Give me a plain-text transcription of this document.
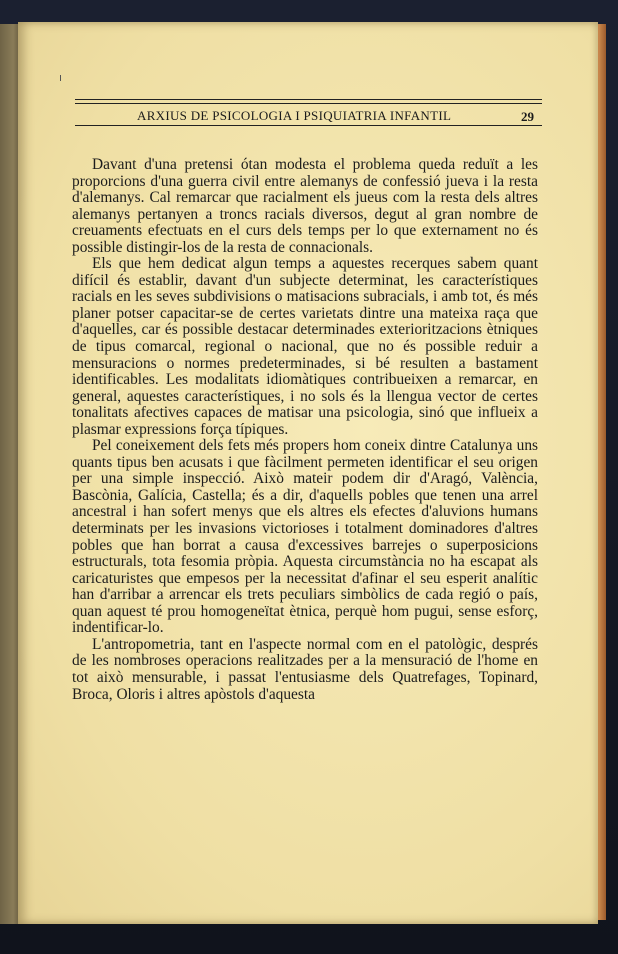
ARXIUS DE PSICOLOGIA I PSIQUIATRIA INFANTIL	29

Davant d'una pretensi ótan modesta el problema queda reduït a les proporcions d'una guerra civil entre alemanys de confessió jueva i la resta d'alemanys. Cal remarcar que racialment els jueus com la resta dels altres alemanys pertanyen a troncs racials diversos, degut al gran nombre de creuaments efectuats en el curs dels temps per lo que externament no és possible distingir-los de la resta de connacionals.

Els que hem dedicat algun temps a aquestes recerques sabem quant difícil és establir, davant d'un subjecte determinat, les característiques racials en les seves subdivisions o matisacions subracials, i amb tot, és més planer potser capacitar-se de certes varietats dintre una mateixa raça que d'aquelles, car és possible destacar determinades exterioritzacions ètniques de tipus comarcal, regional o nacional, que no és possible reduir a mensuracions o normes predeterminades, si bé resulten a bastament identificables. Les modalitats idiomàtiques contribueixen a remarcar, en general, aquestes característiques, i no sols és la llengua vector de certes tonalitats afectives capaces de matisar una psicologia, sinó que influeix a plasmar expressions força típiques.

Pel coneixement dels fets més propers hom coneix dintre Catalunya uns quants tipus ben acusats i que fàcilment permeten identificar el seu origen per una simple inspecció. Això mateir podem dir d'Aragó, València, Bascònia, Galícia, Castella; és a dir, d'aquells pobles que tenen una arrel ancestral i han sofert menys que els altres els efectes d'aluvions humans determinats per les invasions victorioses i totalment dominadores d'altres pobles que han borrat a causa d'excessives barrejes o superposicions estructurals, tota fesomia pròpia. Aquesta circumstància no ha escapat als caricaturistes que empesos per la necessitat d'afinar el seu esperit analític han d'arribar a arrencar els trets peculiars simbòlics de cada regió o país, quan aquest té prou homogeneïtat ètnica, perquè hom pugui, sense esforç, indentificar-lo.

L'antropometria, tant en l'aspecte normal com en el patològic, després de les nombroses operacions realitzades per a la mensuració de l'home en tot això mensurable, i passat l'entusiasme dels Quatrefages, Topinard, Broca, Oloris i altres apòstols d'aquesta
